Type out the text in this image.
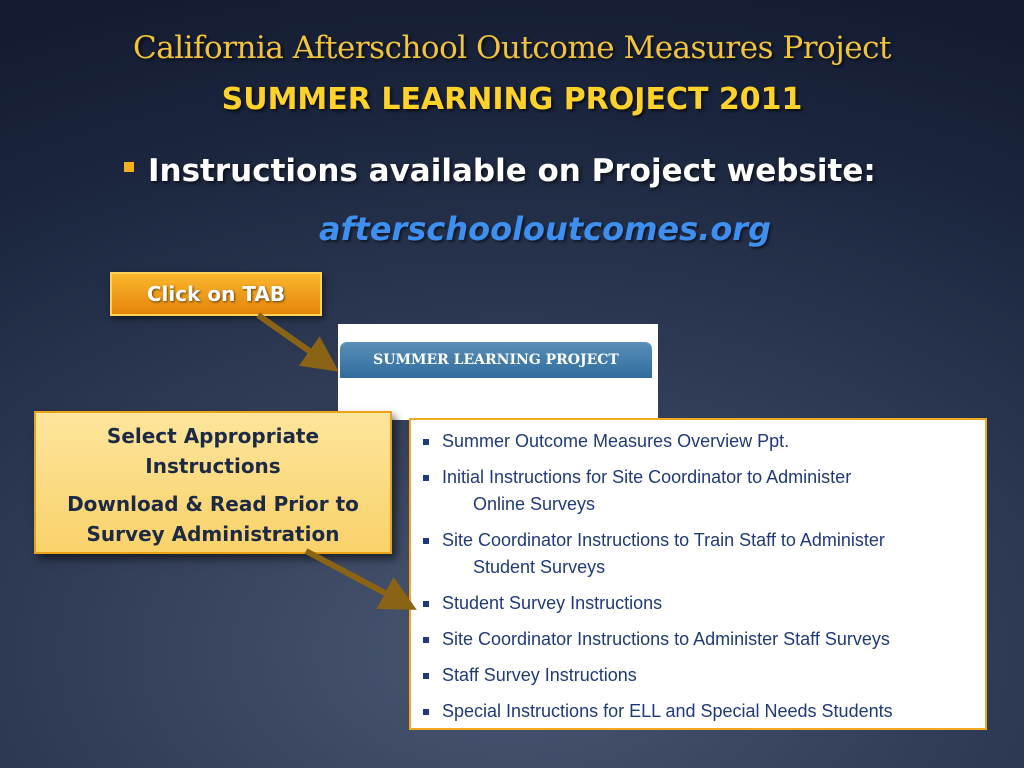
California Afterschool Outcome Measures Project
SUMMER LEARNING PROJECT 2011
Instructions available on Project website:
afterschooloutcomes.org
Click on TAB
SUMMER LEARNING PROJECT

Select Appropriate Instructions

Download & Read Prior to Survey Administration

Summer Outcome Measures Overview Ppt.
Initial Instructions for Site Coordinator to Administer
Online Surveys
Site Coordinator Instructions to Train Staff to Administer
Student Surveys
Student Survey Instructions
Site Coordinator Instructions to Administer Staff Surveys
Staff Survey Instructions
Special Instructions for ELL and Special Needs Students
